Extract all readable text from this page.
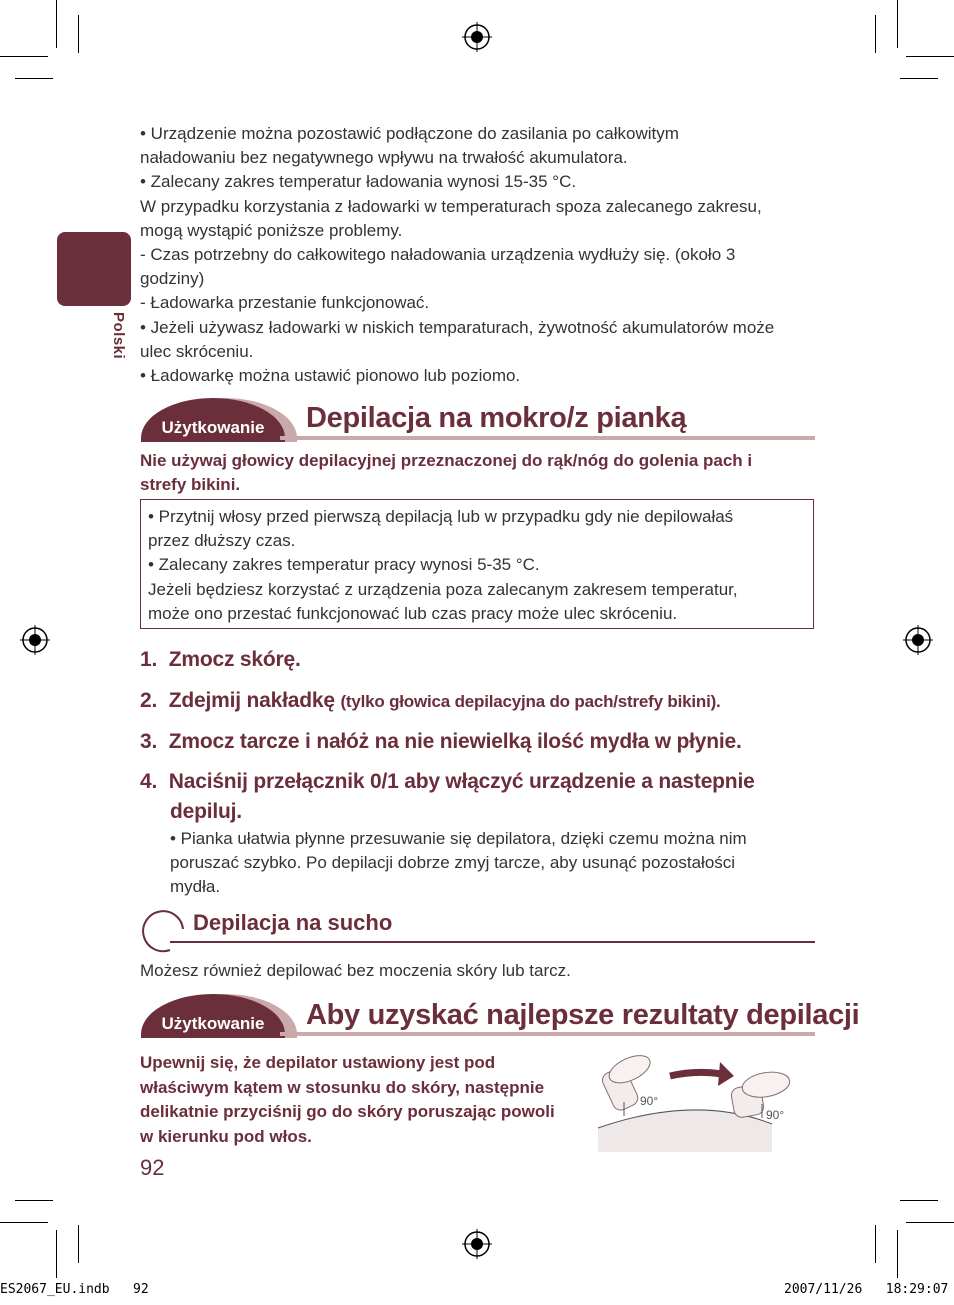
Polski
• Urządzenie można pozostawić podłączone do zasilania po całkowitym
naładowaniu bez negatywnego wpływu na trwałość akumulatora.
• Zalecany zakres temperatur ładowania wynosi 15-35 °C.
W przypadku korzystania z ładowarki w temperaturach spoza zalecanego zakresu,
mogą wystąpić poniższe problemy.
- Czas potrzebny do całkowitego naładowania urządzenia wydłuży się. (około 3
godziny)
- Ładowarka przestanie funkcjonować.
• Jeżeli używasz ładowarki w niskich temparaturach, żywotność akumulatorów może
ulec skróceniu.
• Ładowarkę można ustawić pionowo lub poziomo.
Użytkowanie	Depilacja na mokro/z pianką
Nie używaj głowicy depilacyjnej przeznaczonej do rąk/nóg do golenia pach i
strefy bikini.
• Przytnij włosy przed pierwszą depilacją lub w przypadku gdy nie depilowałaś
przez dłuższy czas.
• Zalecany zakres temperatur pracy wynosi 5-35 °C.
Jeżeli będziesz korzystać z urządzenia poza zalecanym zakresem temperatur,
może ono przestać funkcjonować lub czas pracy może ulec skróceniu.
1. Zmocz skórę.
2. Zdejmij nakładkę (tylko głowica depilacyjna do pach/strefy bikini).
3. Zmocz tarcze i nałóż na nie niewielką ilość mydła w płynie.
4. Naciśnij przełącznik 0/1 aby włączyć urządzenie a nastepnie
depiluj.
• Pianka ułatwia płynne przesuwanie się depilatora, dzięki czemu można nim
poruszać szybko. Po depilacji dobrze zmyj tarcze, aby usunąć pozostałości
mydła.
Depilacja na sucho
Możesz również depilować bez moczenia skóry lub tarcz.
Użytkowanie	Aby uzyskać najlepsze rezultaty depilacji
Upewnij się, że depilator ustawiony jest pod
właściwym kątem w stosunku do skóry, następnie
delikatnie przyciśnij go do skóry poruszając powoli
w kierunku pod włos.
90°
90°
92
ES2067_EU.indb   92	2007/11/26   18:29:07
